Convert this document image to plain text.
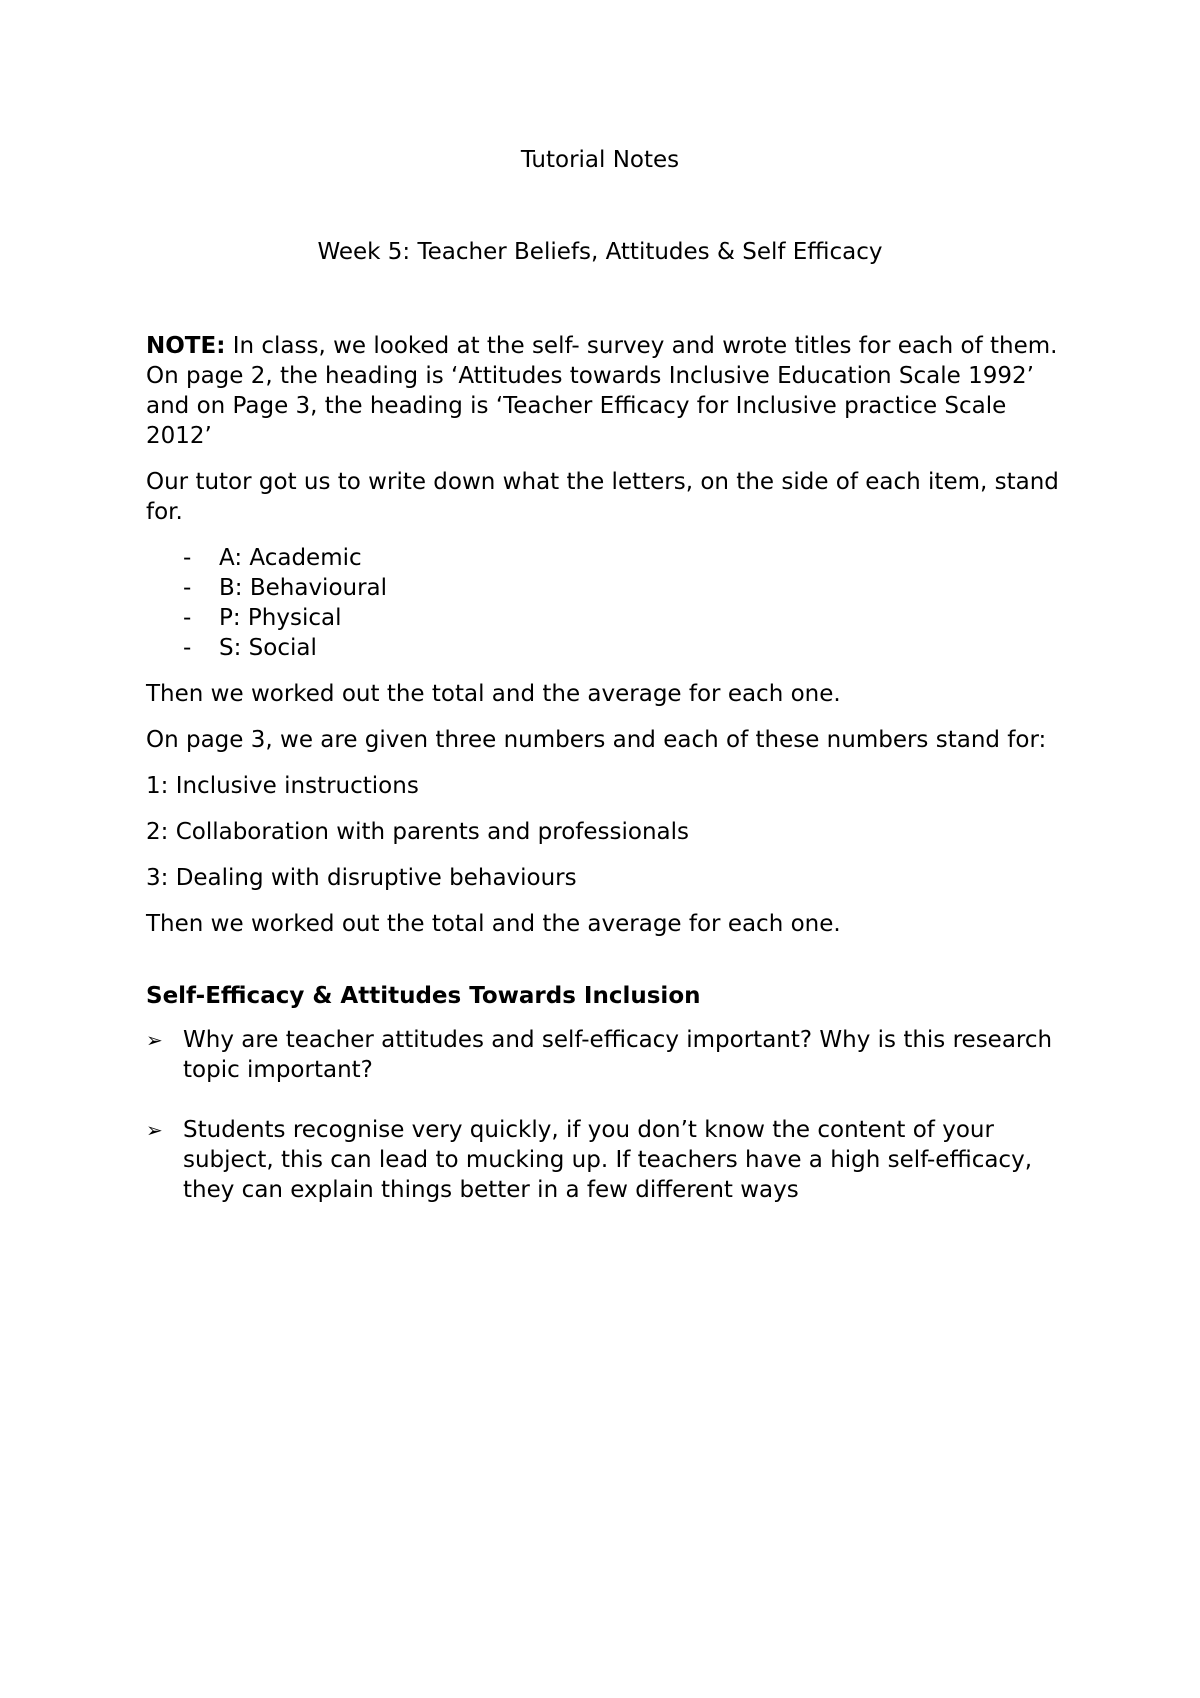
Tutorial Notes
Week 5: Teacher Beliefs, Attitudes & Self Efficacy

NOTE: In class, we looked at the self- survey and wrote titles for each of them. On page 2, the heading is ‘Attitudes towards Inclusive Education Scale 1992’ and on Page 3, the heading is ‘Teacher Efficacy for Inclusive practice Scale 2012’

Our tutor got us to write down what the letters, on the side of each item, stand for.

- A: Academic
- B: Behavioural
- P: Physical
- S: Social

Then we worked out the total and the average for each one.

On page 3, we are given three numbers and each of these numbers stand for:

1: Inclusive instructions

2: Collaboration with parents and professionals

3: Dealing with disruptive behaviours

Then we worked out the total and the average for each one.

Self-Efficacy & Attitudes Towards Inclusion

➢ Why are teacher attitudes and self-efficacy important? Why is this research topic important?
➢ Students recognise very quickly, if you don’t know the content of your subject, this can lead to mucking up. If teachers have a high self-efficacy, they can explain things better in a few different ways
